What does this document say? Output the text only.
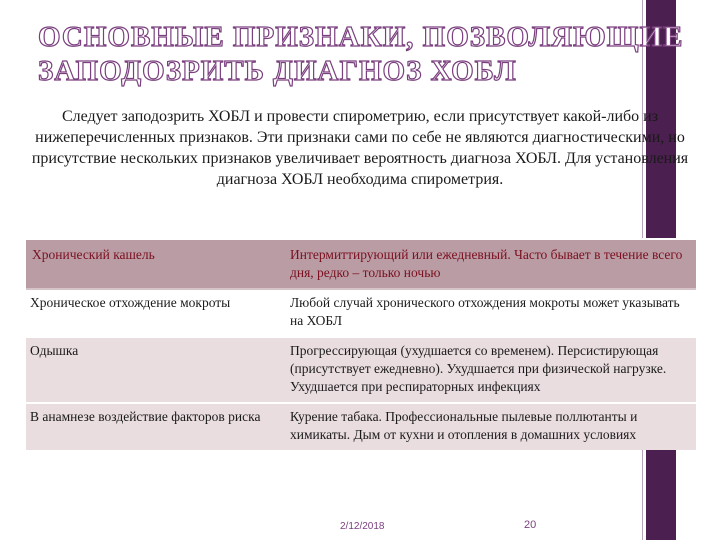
ОСНОВНЫЕ ПРИЗНАКИ, ПОЗВОЛЯЮЩИЕ
ЗАПОДОЗРИТЬ ДИАГНОЗ ХОБЛ
Следует заподозрить ХОБЛ и провести спирометрию, если присутствует какой-либо из нижеперечисленных признаков. Эти признаки сами по себе не являются диагностическими, но присутствие нескольких признаков увеличивает вероятность диагноза ХОБЛ. Для установления диагноза ХОБЛ необходима спирометрия.
Хронический кашель	Интермиттирующий или ежедневный. Часто бывает в течение всего дня, редко – только ночью
Хроническое отхождение мокроты	Любой случай хронического отхождения мокроты может указывать на ХОБЛ
Одышка	Прогрессирующая (ухудшается со временем). Персистирующая (присутствует ежедневно). Ухудшается при физической нагрузке. Ухудшается при респираторных инфекциях
В анамнезе воздействие факторов риска	Курение табака. Профессиональные пылевые поллютанты и химикаты. Дым от кухни и отопления в домашних условиях
2/12/2018	20
